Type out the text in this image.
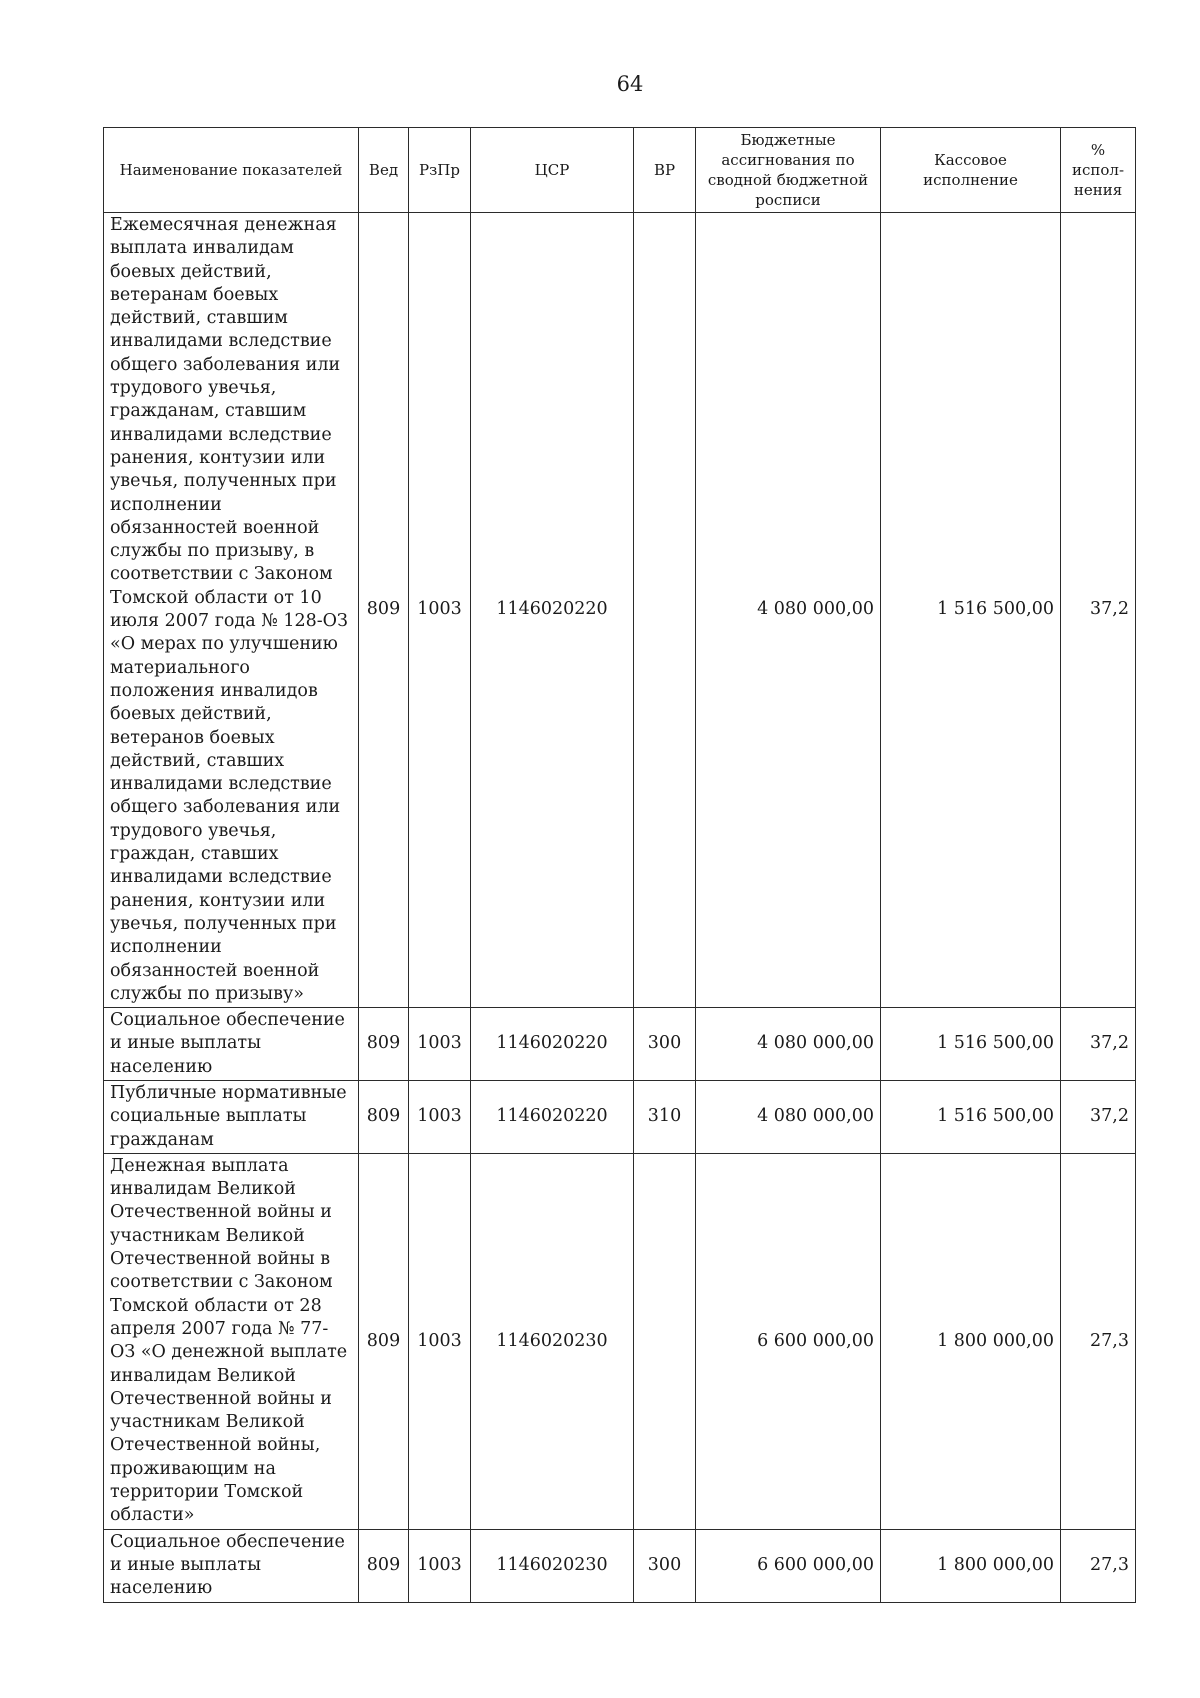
64
Наименование показателей	Вед	РзПр	ЦСР	ВР	Бюджетные ассигнования по сводной бюджетной росписи	Кассовое исполнение	% испол-нения
Ежемесячная денежная выплата инвалидам боевых действий, ветеранам боевых действий, ставшим инвалидами вследствие общего заболевания или трудового увечья, гражданам, ставшим инвалидами вследствие ранения, контузии или увечья, полученных при исполнении обязанностей военной службы по призыву, в соответствии с Законом Томской области от 10 июля 2007 года № 128-ОЗ «О мерах по улучшению материального положения инвалидов боевых действий, ветеранов боевых действий, ставших инвалидами вследствие общего заболевания или трудового увечья, граждан, ставших инвалидами вследствие ранения, контузии или увечья, полученных при исполнении обязанностей военной службы по призыву»	809	1003	1146020220		4 080 000,00	1 516 500,00	37,2
Социальное обеспечение и иные выплаты населению	809	1003	1146020220	300	4 080 000,00	1 516 500,00	37,2
Публичные нормативные социальные выплаты гражданам	809	1003	1146020220	310	4 080 000,00	1 516 500,00	37,2
Денежная выплата инвалидам Великой Отечественной войны и участникам Великой Отечественной войны в соответствии с Законом Томской области от 28 апреля 2007 года № 77-ОЗ «О денежной выплате инвалидам Великой Отечественной войны и участникам Великой Отечественной войны, проживающим на территории Томской области»	809	1003	1146020230		6 600 000,00	1 800 000,00	27,3
Социальное обеспечение и иные выплаты населению	809	1003	1146020230	300	6 600 000,00	1 800 000,00	27,3
